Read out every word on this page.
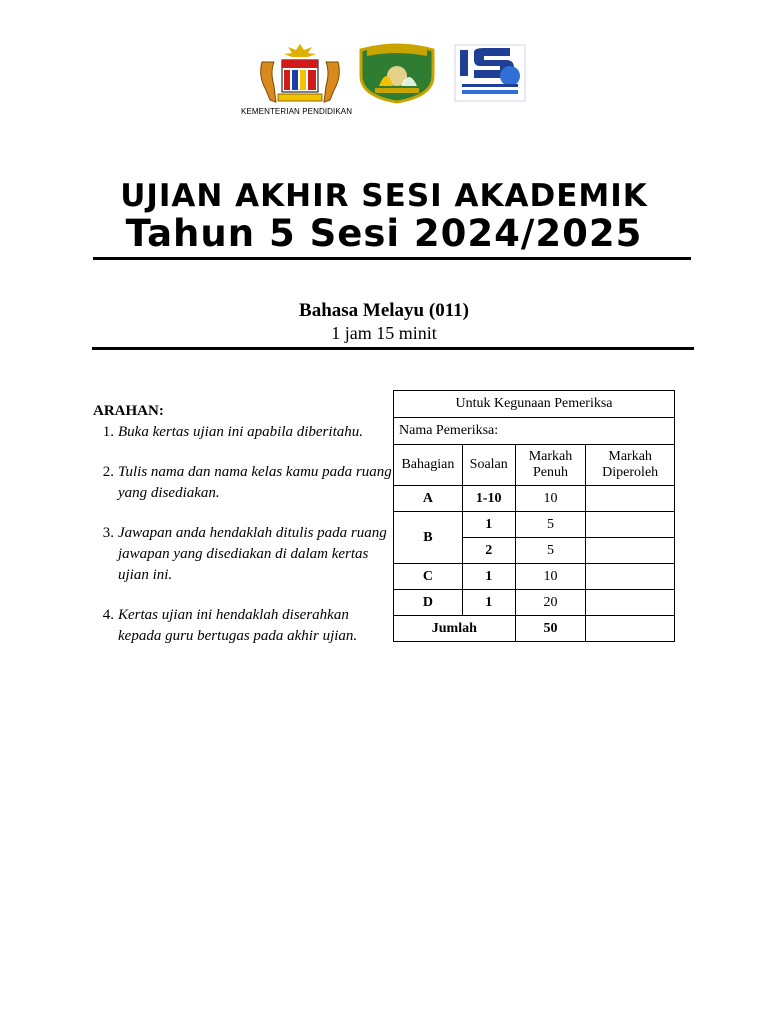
KEMENTERIAN PENDIDIKAN
UJIAN AKHIR SESI AKADEMIK
Tahun 5 Sesi 2024/2025
Bahasa Melayu (011)
1 jam 15 minit
ARAHAN:
1. Buka kertas ujian ini apabila diberitahu.
2. Tulis nama dan nama kelas kamu pada ruang yang disediakan.
3. Jawapan anda hendaklah ditulis pada ruang jawapan yang disediakan di dalam kertas ujian ini.
4. Kertas ujian ini hendaklah diserahkan kepada guru bertugas pada akhir ujian.
Untuk Kegunaan Pemeriksa			
Nama Pemeriksa:			
Bahagian	Soalan	Markah Penuh	Markah Diperoleh
A	1-10	10	
B	1	5	
	2	5	
C	1	10	
D	1	20	
Jumlah		50	
